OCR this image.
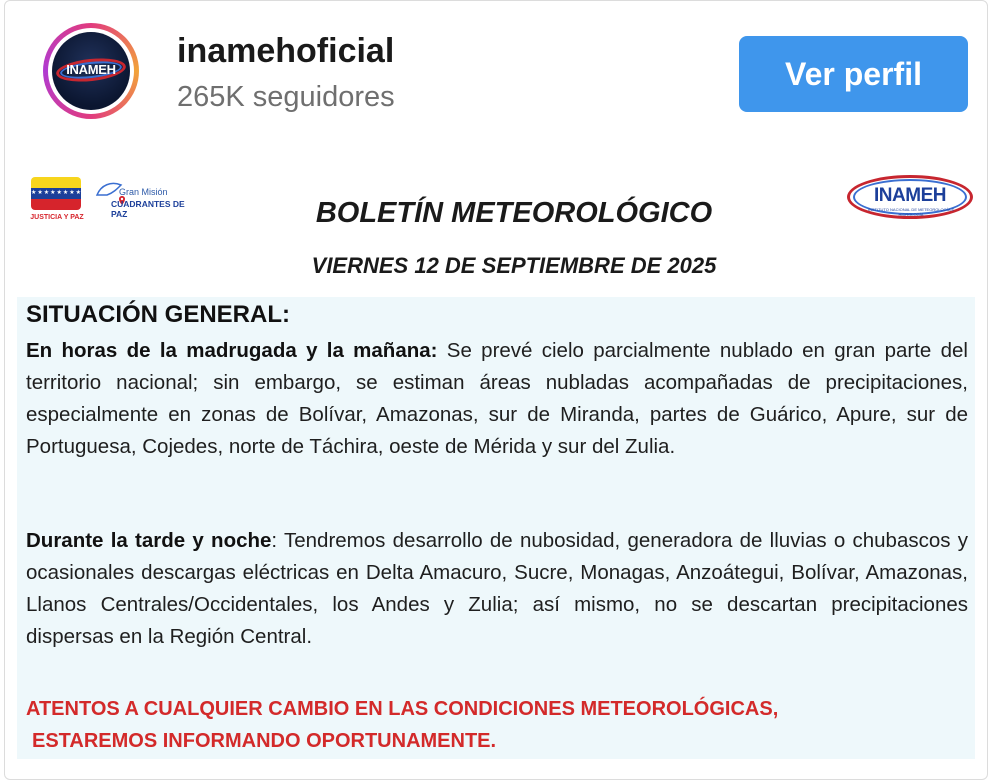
INAMEH	inamehoficial
265K seguidores
Ver perfil
★★★★★★★★
JUSTICIA Y PAZ
Gran Misión
CUADRANTES DE PAZ
INAMEH
INSTITUTO NACIONAL DE METEOROLOGÍA E HIDROLOGÍA
BOLETÍN METEOROLÓGICO
VIERNES 12 DE SEPTIEMBRE DE 2025
SITUACIÓN GENERAL:
En horas de la madrugada y la mañana: Se prevé cielo parcialmente nublado en gran parte del territorio nacional; sin embargo, se estiman áreas nubladas acompañadas de precipitaciones, especialmente en zonas de Bolívar, Amazonas, sur de Miranda, partes de Guárico, Apure, sur de Portuguesa, Cojedes, norte de Táchira, oeste de Mérida y sur del Zulia.
Durante la tarde y noche: Tendremos desarrollo de nubosidad, generadora de lluvias o chubascos y ocasionales descargas eléctricas en Delta Amacuro, Sucre, Monagas, Anzoátegui, Bolívar, Amazonas, Llanos Centrales/Occidentales, los Andes y Zulia; así mismo, no se descartan precipitaciones dispersas en la Región Central.
ATENTOS A CUALQUIER CAMBIO EN LAS CONDICIONES METEOROLÓGICAS,
ESTAREMOS INFORMANDO OPORTUNAMENTE.
